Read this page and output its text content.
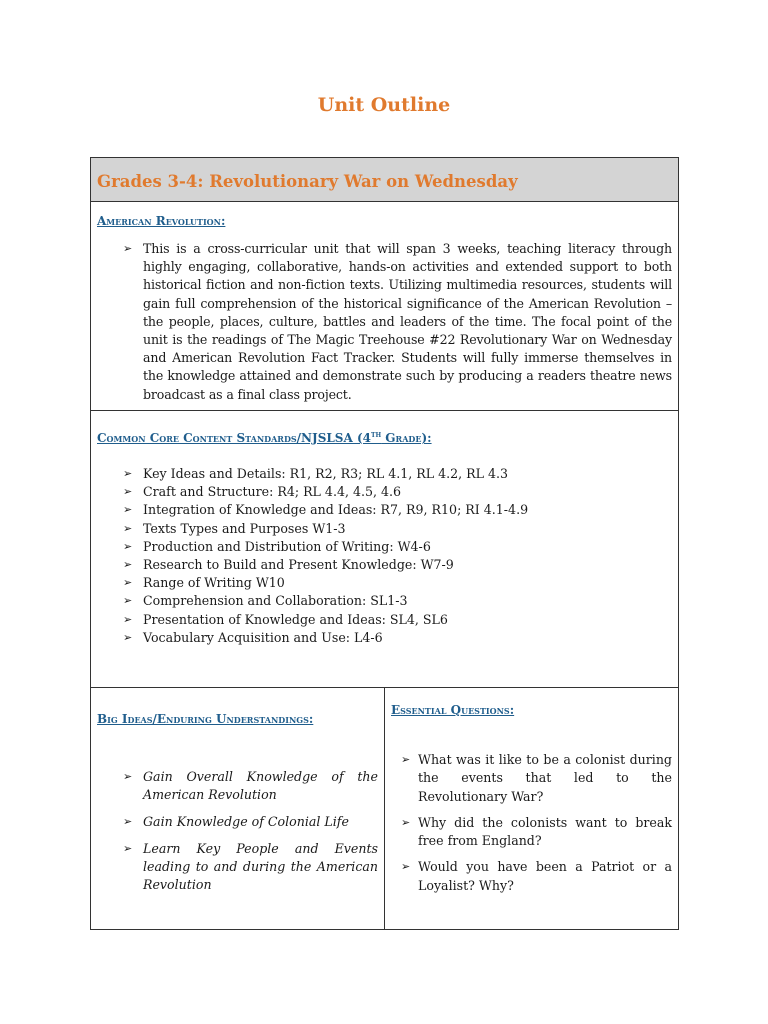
Unit Outline
Grades 3-4: Revolutionary War on Wednesday
American Revolution:
➢ This is a cross-curricular unit that will span 3 weeks, teaching literacy through highly engaging, collaborative, hands-on activities and extended support to both historical fiction and non-fiction texts. Utilizing multimedia resources, students will gain full comprehension of the historical significance of the American Revolution – the people, places, culture, battles and leaders of the time. The focal point of the unit is the readings of The Magic Treehouse #22 Revolutionary War on Wednesday and American Revolution Fact Tracker. Students will fully immerse themselves in the knowledge attained and demonstrate such by producing a readers theatre news broadcast as a final class project.
Common Core Content Standards/NJSLSA (4th Grade):
➢ Key Ideas and Details: R1, R2, R3; RL 4.1, RL 4.2, RL 4.3
➢ Craft and Structure: R4; RL 4.4, 4.5, 4.6
➢ Integration of Knowledge and Ideas: R7, R9, R10; RI 4.1-4.9
➢ Texts Types and Purposes W1-3
➢ Production and Distribution of Writing: W4-6
➢ Research to Build and Present Knowledge: W7-9
➢ Range of Writing W10
➢ Comprehension and Collaboration: SL1-3
➢ Presentation of Knowledge and Ideas: SL4, SL6
➢ Vocabulary Acquisition and Use: L4-6
Big Ideas/Enduring Understandings:
➢ Gain Overall Knowledge of the American Revolution
➢ Gain Knowledge of Colonial Life
➢ Learn Key People and Events leading to and during the American Revolution
Essential Questions:
➢ What was it like to be a colonist during the events that led to the Revolutionary War?
➢ Why did the colonists want to break free from England?
➢ Would you have been a Patriot or a Loyalist? Why?
